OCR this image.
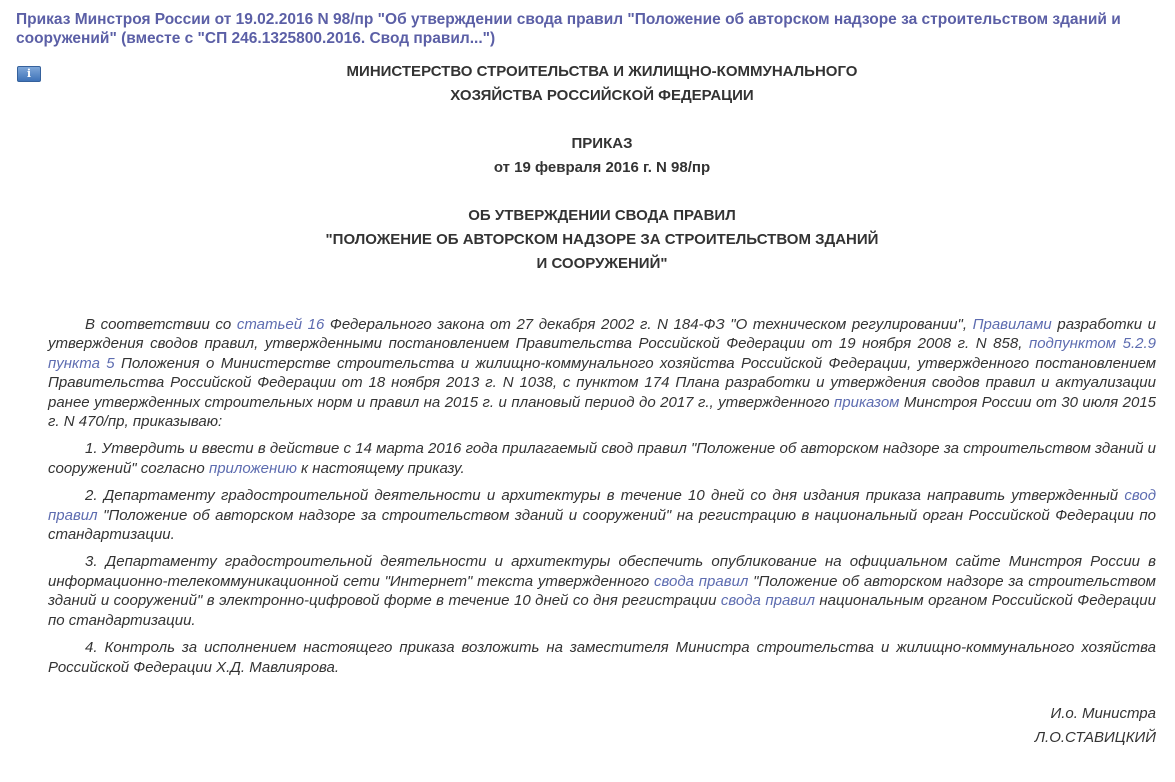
Приказ Минстроя России от 19.02.2016 N 98/пр "Об утверждении свода правил "Положение об авторском надзоре за строительством зданий и сооружений" (вместе с "СП 246.1325800.2016. Свод правил...")
i	МИНИСТЕРСТВО СТРОИТЕЛЬСТВА И ЖИЛИЩНО-КОММУНАЛЬНОГО
ХОЗЯЙСТВА РОССИЙСКОЙ ФЕДЕРАЦИИ
ПРИКАЗ
от 19 февраля 2016 г. N 98/пр
ОБ УТВЕРЖДЕНИИ СВОДА ПРАВИЛ
"ПОЛОЖЕНИЕ ОБ АВТОРСКОМ НАДЗОРЕ ЗА СТРОИТЕЛЬСТВОМ ЗДАНИЙ
И СООРУЖЕНИЙ"

В соответствии со статьей 16 Федерального закона от 27 декабря 2002 г. N 184-ФЗ "О техническом регулировании", Правилами разработки и утверждения сводов правил, утвержденными постановлением Правительства Российской Федерации от 19 ноября 2008 г. N 858, подпунктом 5.2.9 пункта 5 Положения о Министерстве строительства и жилищно-коммунального хозяйства Российской Федерации, утвержденного постановлением Правительства Российской Федерации от 18 ноября 2013 г. N 1038, с пунктом 174 Плана разработки и утверждения сводов правил и актуализации ранее утвержденных строительных норм и правил на 2015 г. и плановый период до 2017 г., утвержденного приказом Минстроя России от 30 июля 2015 г. N 470/пр, приказываю:

1. Утвердить и ввести в действие с 14 марта 2016 года прилагаемый свод правил "Положение об авторском надзоре за строительством зданий и сооружений" согласно приложению к настоящему приказу.

2. Департаменту градостроительной деятельности и архитектуры в течение 10 дней со дня издания приказа направить утвержденный свод правил "Положение об авторском надзоре за строительством зданий и сооружений" на регистрацию в национальный орган Российской Федерации по стандартизации.

3. Департаменту градостроительной деятельности и архитектуры обеспечить опубликование на официальном сайте Минстроя России в информационно-телекоммуникационной сети "Интернет" текста утвержденного свода правил "Положение об авторском надзоре за строительством зданий и сооружений" в электронно-цифровой форме в течение 10 дней со дня регистрации свода правил национальным органом Российской Федерации по стандартизации.

4. Контроль за исполнением настоящего приказа возложить на заместителя Министра строительства и жилищно-коммунального хозяйства Российской Федерации Х.Д. Мавлиярова.

И.о. Министра
Л.О.СТАВИЦКИЙ
